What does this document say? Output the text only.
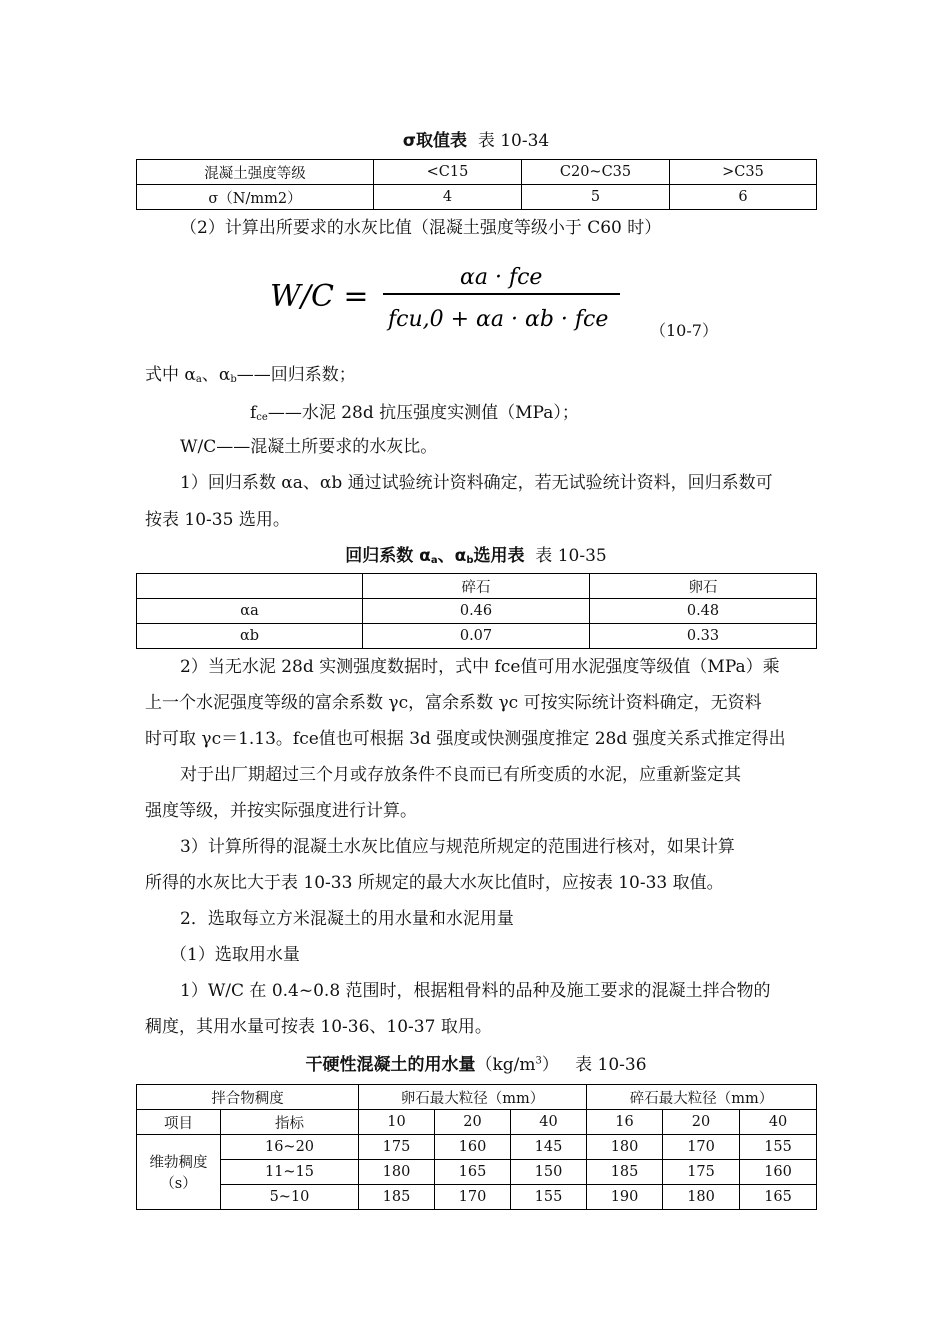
σ取值表 表 10-34
混凝土强度等级	<C15	C20~C35	>C35
σ（N/mm2）	4	5	6
（2）计算出所要求的水灰比值（混凝土强度等级小于 C60 时）
W/C =
αa · fce
fcu,0 + αa · αb · fce	（10-7）
式中 $\alpha_a$、$\alpha_b——$回归系数；
$f_{ce}——$水泥 28d 抗压强度实测值（MPa）；
W/C——混凝土所要求的水灰比。
1）回归系数 αa、αb 通过试验统计资料确定，若无试验统计资料，回归系数可
按表 10-35 选用。
回归系数 $\alpha_a$、$\alpha_b$选用表 表 10-35
	碎石	卵石
αa	0.46	0.48
αb	0.07	0.33
2）当无水泥 28d 实测强度数据时，式中 fce值可用水泥强度等级值（MPa）乘
上一个水泥强度等级的富余系数 γc，富余系数 γc 可按实际统计资料确定，无资料
时可取 γc＝1.13。fce值也可根据 3d 强度或快测强度推定 28d 强度关系式推定得出
对于出厂期超过三个月或存放条件不良而已有所变质的水泥，应重新鉴定其
强度等级，并按实际强度进行计算。
3）计算所得的混凝土水灰比值应与规范所规定的范围进行核对，如果计算
所得的水灰比大于表 10-33 所规定的最大水灰比值时，应按表 10-33 取值。
2．选取每立方米混凝土的用水量和水泥用量
（1）选取用水量
1）W/C 在 0.4~0.8 范围时，根据粗骨料的品种及施工要求的混凝土拌合物的
稠度，其用水量可按表 10-36、10-37 取用。
干硬性混凝土的用水量$(kg/m^3)$ 表 10-36
拌合物稠度		卵石最大粒径（mm）			碎石最大粒径（mm）		
项目	指标	10	20	40	16	20	40

维勃稠度
（s）	16~20	175	160	145	180	170	155
	11~15	180	165	150	185	175	160
	5~10	185	170	155	190	180	165
